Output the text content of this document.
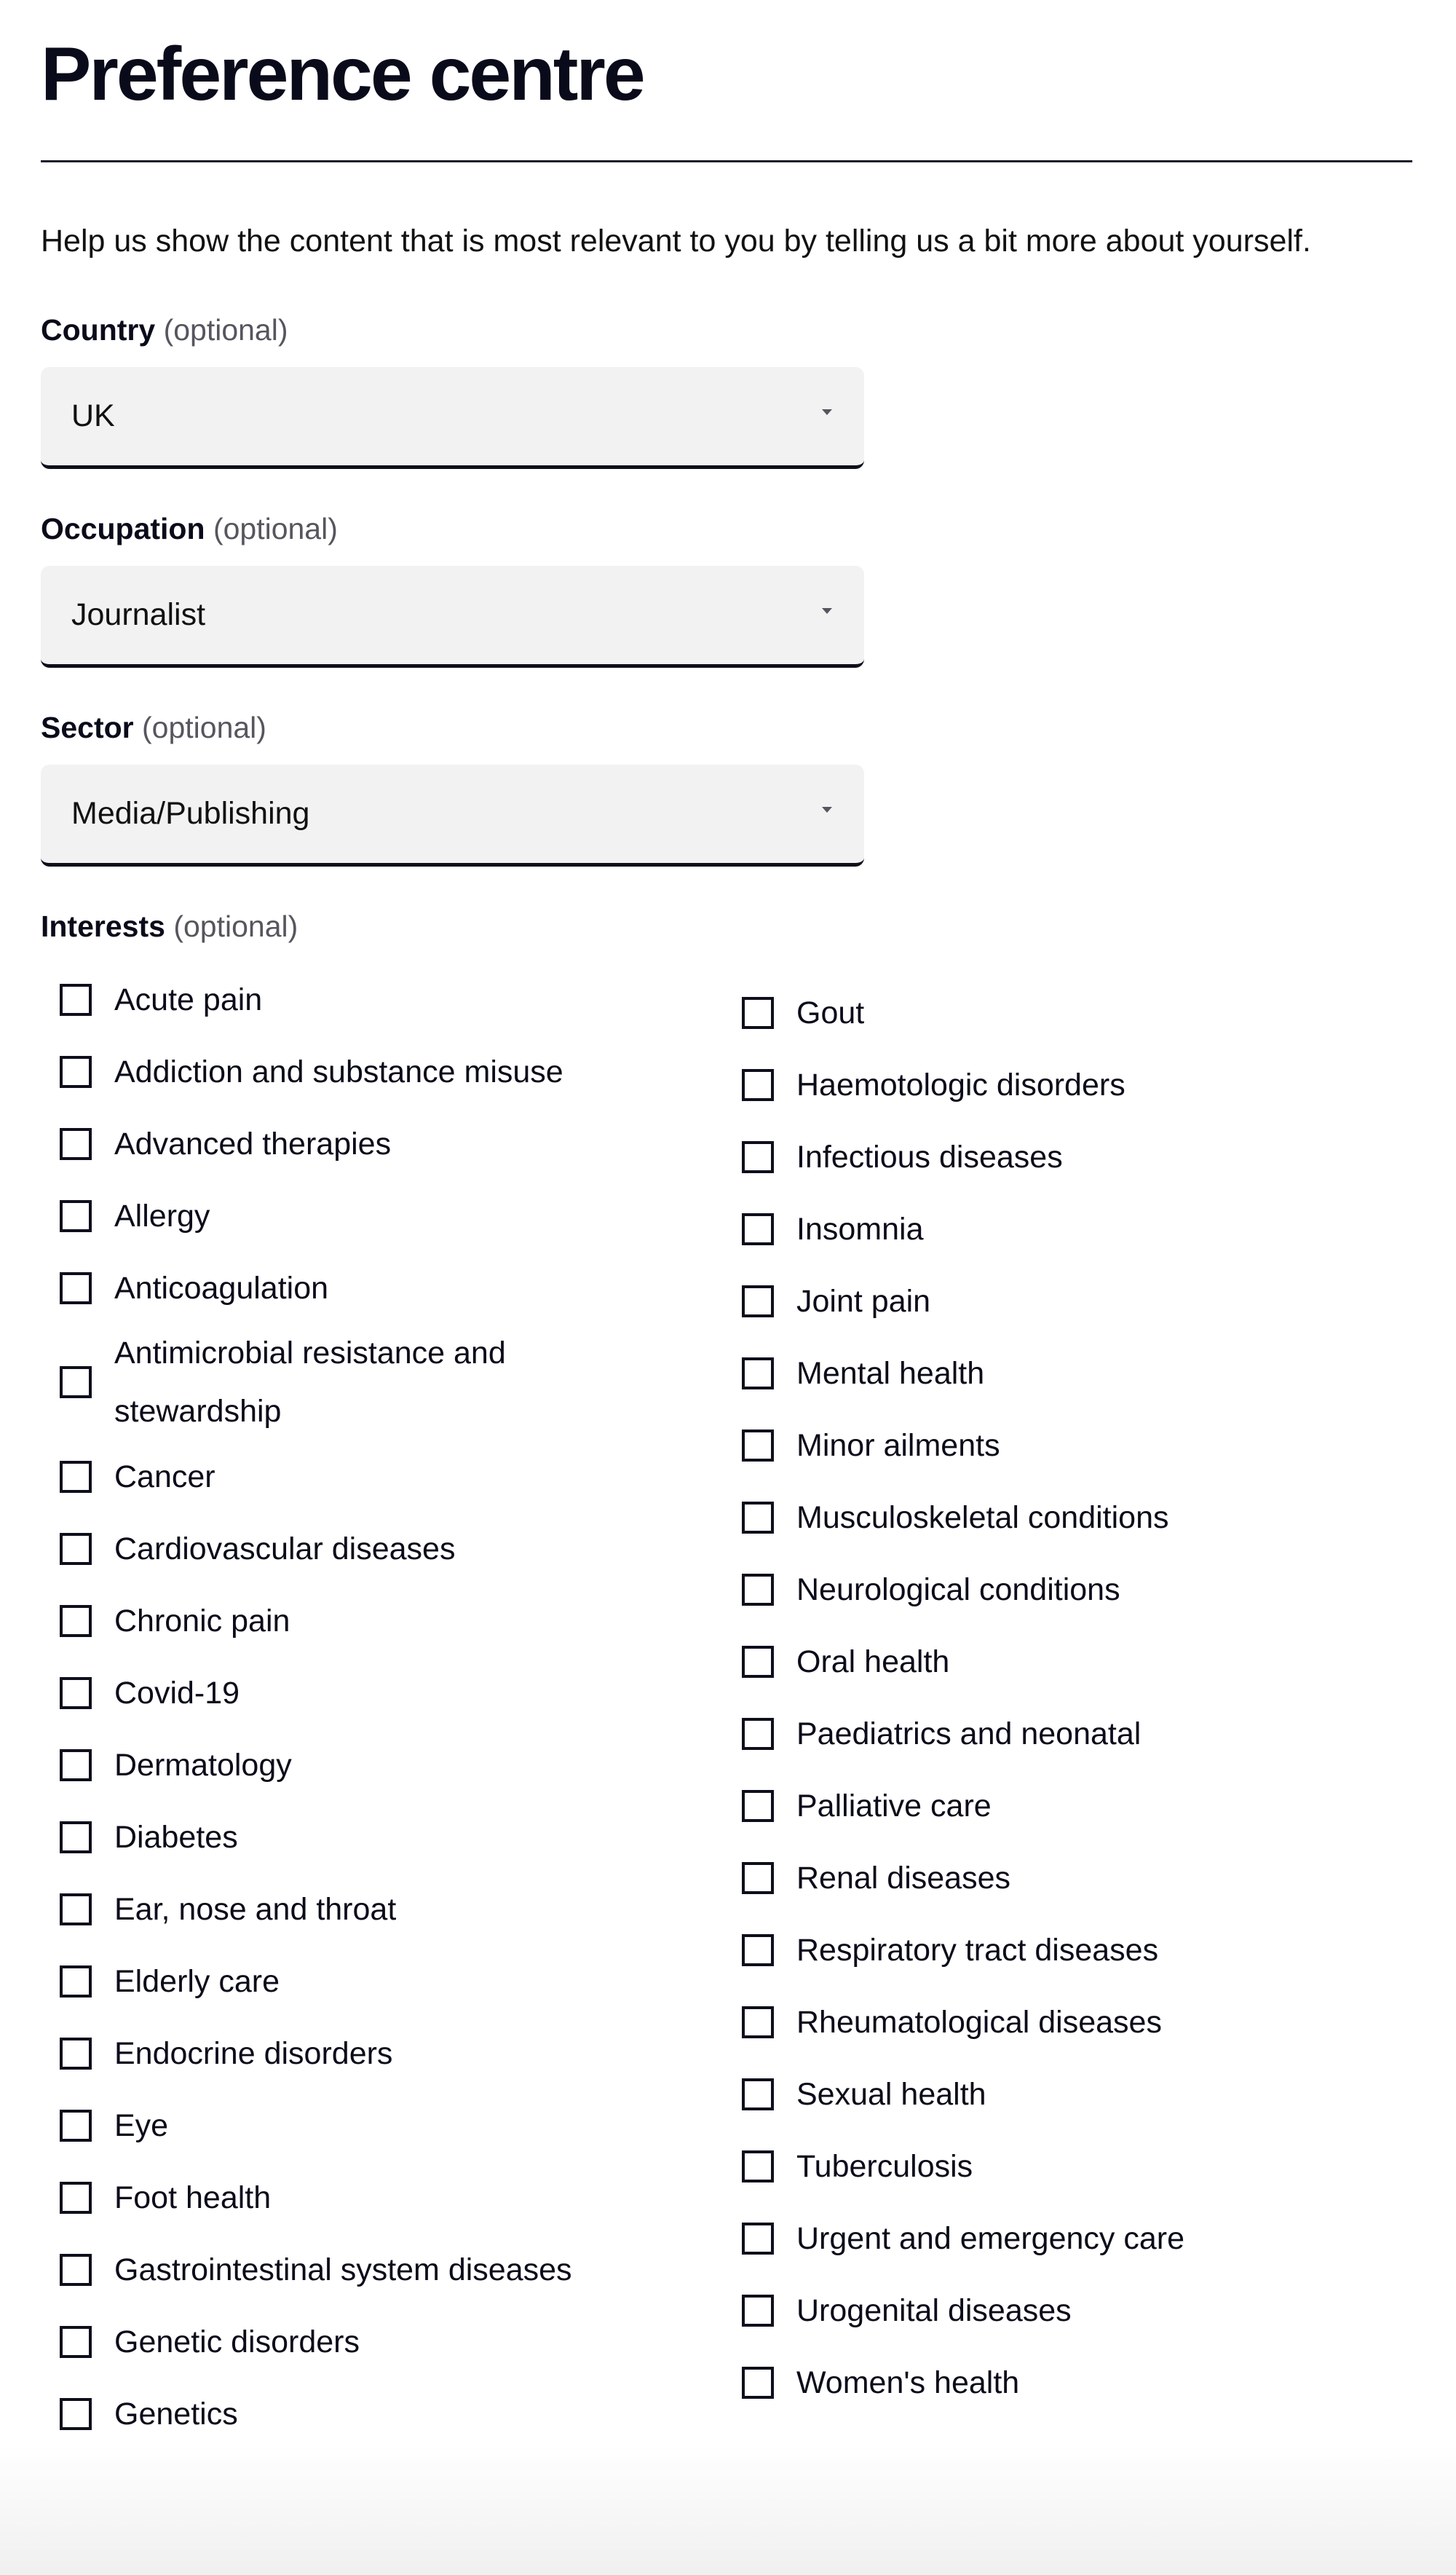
Preference centre

Help us show the content that is most relevant to you by telling us a bit more about yourself.

Country (optional)
UK
Occupation (optional)
Journalist
Sector (optional)
Media/Publishing
Interests (optional)
Acute pain
Addiction and substance misuse
Advanced therapies
Allergy
Anticoagulation
Antimicrobial resistance and stewardship
Cancer
Cardiovascular diseases
Chronic pain
Covid-19
Dermatology
Diabetes
Ear, nose and throat
Elderly care
Endocrine disorders
Eye
Foot health
Gastrointestinal system diseases
Genetic disorders
Genetics
Gout
Haemotologic disorders
Infectious diseases
Insomnia
Joint pain
Mental health
Minor ailments
Musculoskeletal conditions
Neurological conditions
Oral health
Paediatrics and neonatal
Palliative care
Renal diseases
Respiratory tract diseases
Rheumatological diseases
Sexual health
Tuberculosis
Urgent and emergency care
Urogenital diseases
Women's health
